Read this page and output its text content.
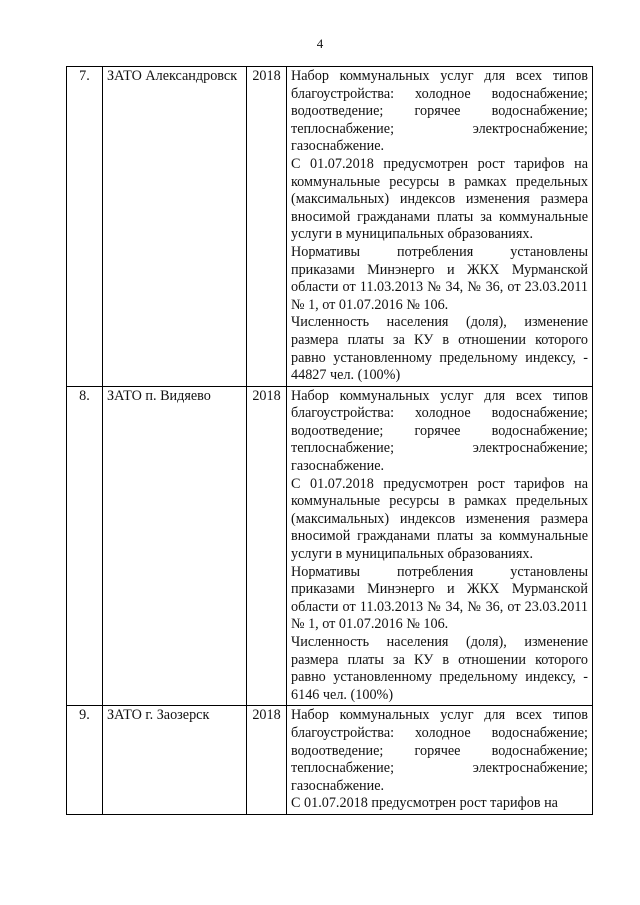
4
7.	ЗАТО Александровск	2018	Набор коммунальных услуг для всех типов благоустройства: холодное водоснабжение; водоотведение; горячее водоснабжение; теплоснабжение; электроснабжение; газоснабжение.

С 01.07.2018 предусмотрен рост тарифов на коммунальные ресурсы в рамках предельных (максимальных) индексов изменения размера вносимой гражданами платы за коммунальные услуги в муниципальных образованиях.

Нормативы потребления установлены приказами Минэнерго и ЖКХ Мурманской области от 11.03.2013 № 34, № 36, от 23.03.2011 № 1, от 01.07.2016 № 106.

Численность населения (доля), изменение размера платы за КУ в отношении которого равно установленному предельному индексу, - 44827 чел. (100%)

8.	ЗАТО п. Видяево	2018	Набор коммунальных услуг для всех типов благоустройства: холодное водоснабжение; водоотведение; горячее водоснабжение; теплоснабжение; электроснабжение; газоснабжение.

С 01.07.2018 предусмотрен рост тарифов на коммунальные ресурсы в рамках предельных (максимальных) индексов изменения размера вносимой гражданами платы за коммунальные услуги в муниципальных образованиях.

Нормативы потребления установлены приказами Минэнерго и ЖКХ Мурманской области от 11.03.2013 № 34, № 36, от 23.03.2011 № 1, от 01.07.2016 № 106.

Численность населения (доля), изменение размера платы за КУ в отношении которого равно установленному предельному индексу, - 6146 чел. (100%)

9.	ЗАТО г. Заозерск	2018	Набор коммунальных услуг для всех типов благоустройства: холодное водоснабжение; водоотведение; горячее водоснабжение; теплоснабжение; электроснабжение; газоснабжение.

С 01.07.2018 предусмотрен рост тарифов на
